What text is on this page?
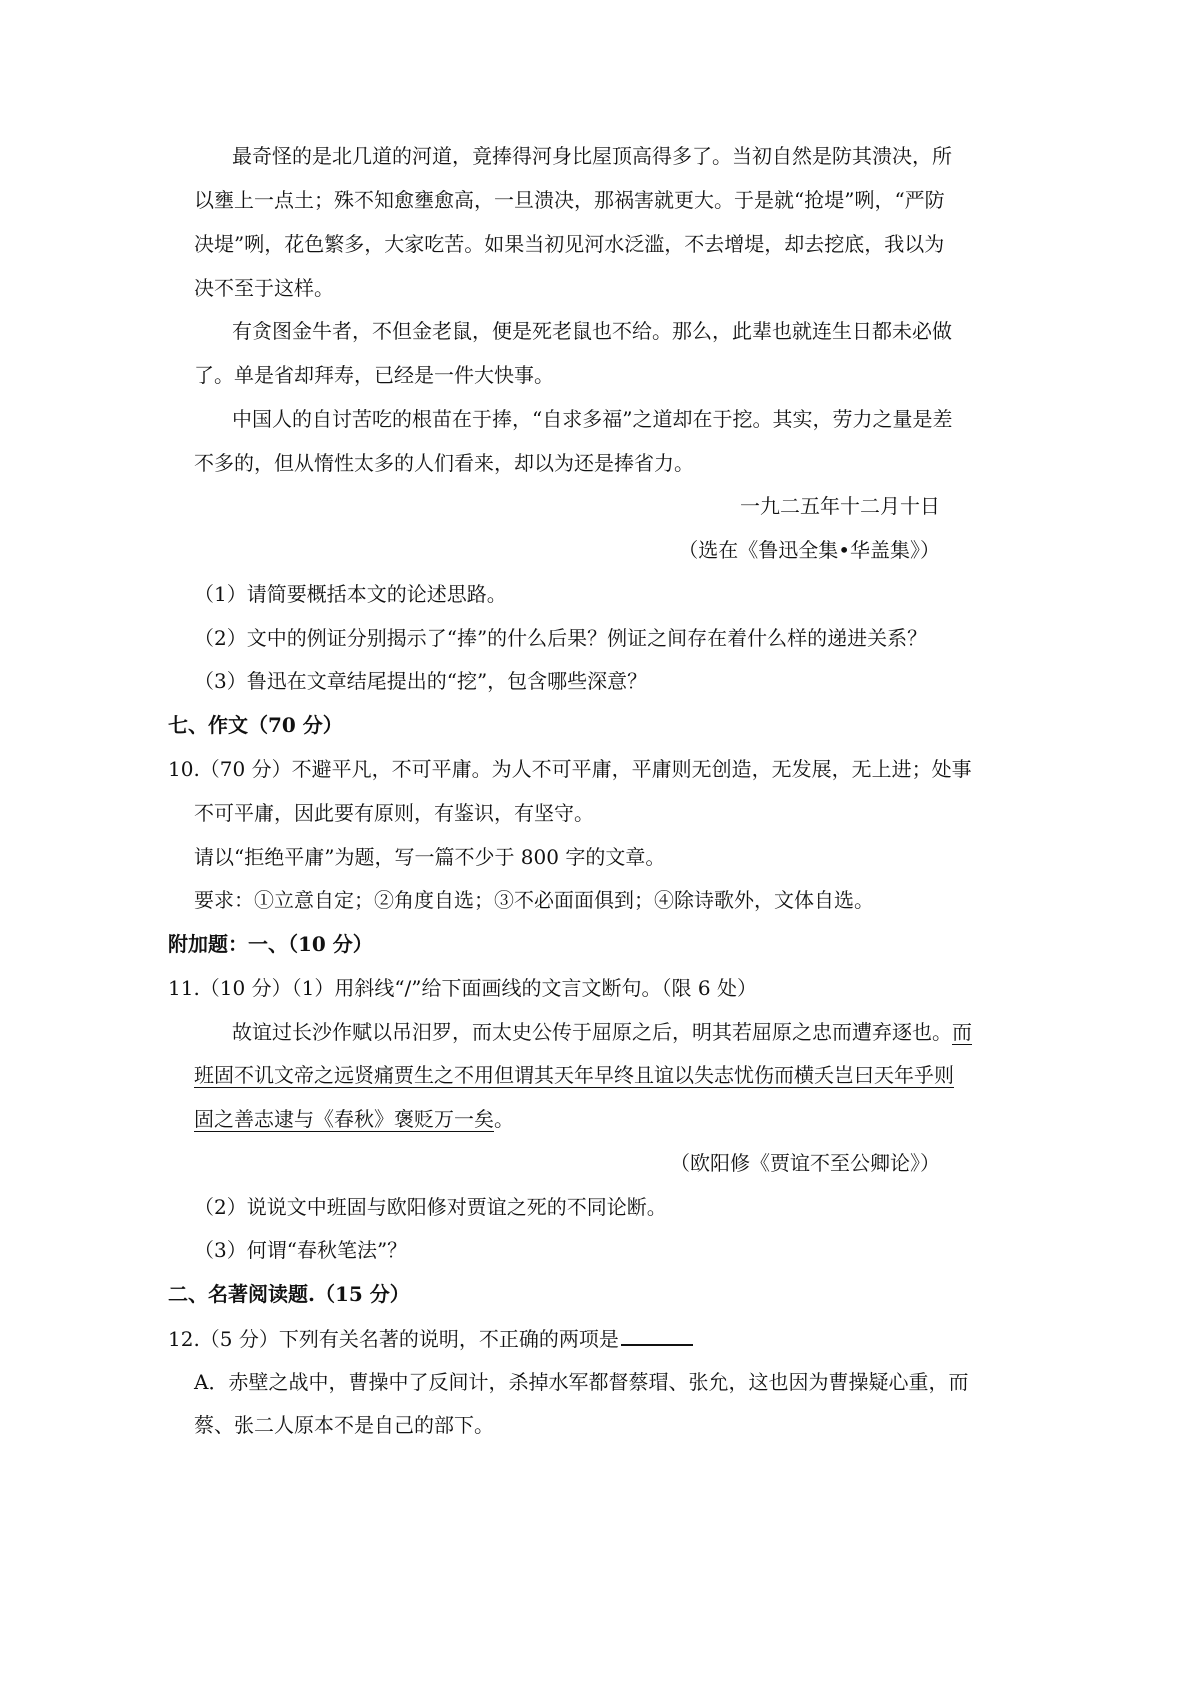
最奇怪的是北几道的河道，竟捧得河身比屋顶高得多了。当初自然是防其溃决，所
以壅上一点土；殊不知愈壅愈高，一旦溃决，那祸害就更大。于是就“抢堤”咧，“严防
决堤”咧，花色繁多，大家吃苦。如果当初见河水泛滥，不去增堤，却去挖底，我以为
决不至于这样。
有贪图金牛者，不但金老鼠，便是死老鼠也不给。那么，此辈也就连生日都未必做
了。单是省却拜寿，已经是一件大快事。
中国人的自讨苦吃的根苗在于捧，“自求多福”之道却在于挖。其实，劳力之量是差
不多的，但从惰性太多的人们看来，却以为还是捧省力。
一九二五年十二月十日
（选在《鲁迅全集•华盖集》）
（1）请简要概括本文的论述思路。
（2）文中的例证分别揭示了“捧”的什么后果？例证之间存在着什么样的递进关系？
（3）鲁迅在文章结尾提出的“挖”，包含哪些深意？
七、作文（70 分）
10.（70 分）不避平凡，不可平庸。为人不可平庸，平庸则无创造，无发展，无上进；处事
不可平庸，因此要有原则，有鉴识，有坚守。
请以“拒绝平庸”为题，写一篇不少于 800 字的文章。
要求：①立意自定；②角度自选；③不必面面俱到；④除诗歌外，文体自选。
附加题：一、（10 分）
11.（10 分）（1）用斜线“/”给下面画线的文言文断句。（限 6 处）
故谊过长沙作赋以吊汨罗，而太史公传于屈原之后，明其若屈原之忠而遭弃逐也。而
班固不讥文帝之远贤痛贾生之不用但谓其天年早终且谊以失志忧伤而横夭岂曰天年乎则
固之善志逮与《春秋》褒贬万一矣。
（欧阳修《贾谊不至公卿论》）
（2）说说文中班固与欧阳修对贾谊之死的不同论断。
（3）何谓“春秋笔法”？
二、名著阅读题.（15 分）
12.（5 分）下列有关名著的说明，不正确的两项是
A．赤壁之战中，曹操中了反间计，杀掉水军都督蔡瑁、张允，这也因为曹操疑心重，而
蔡、张二人原本不是自己的部下。
